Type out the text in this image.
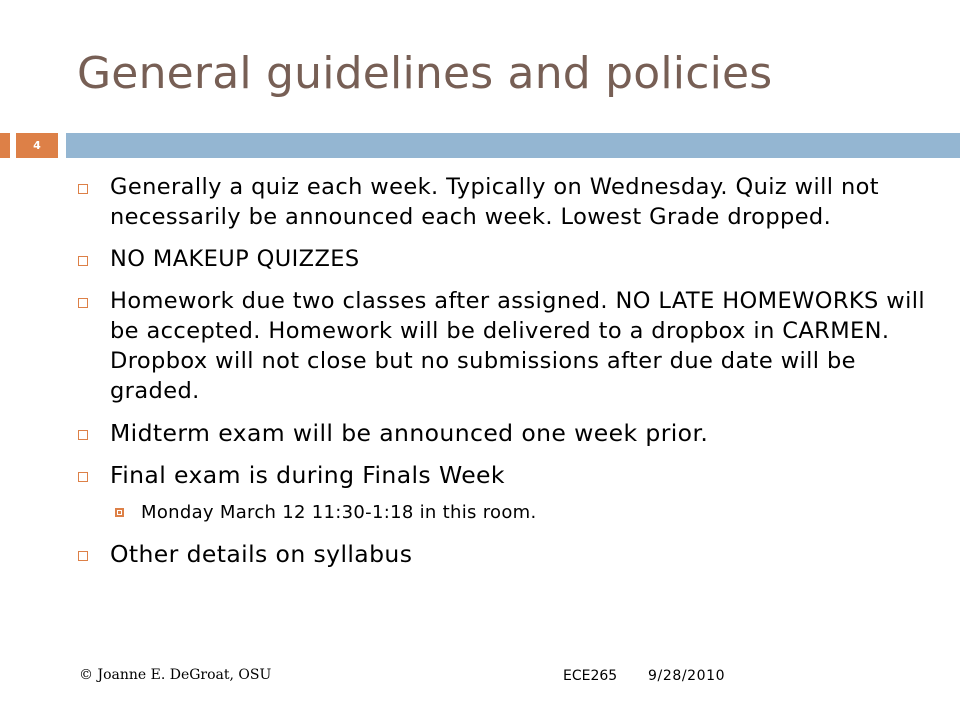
General guidelines and policies
4
Generally a quiz each week. Typically on Wednesday. Quiz will not necessarily be announced each week. Lowest Grade dropped.
NO MAKEUP QUIZZES
Homework due two classes after assigned. NO LATE HOMEWORKS will be accepted. Homework will be delivered to a dropbox in CARMEN. Dropbox will not close but no submissions after due date will be graded.
Midterm exam will be announced one week prior.
Final exam is during Finals Week
Monday March 12 11:30-1:18 in this room.
Other details on syllabus
© Joanne E. DeGroat, OSU	ECE265 9/28/2010
